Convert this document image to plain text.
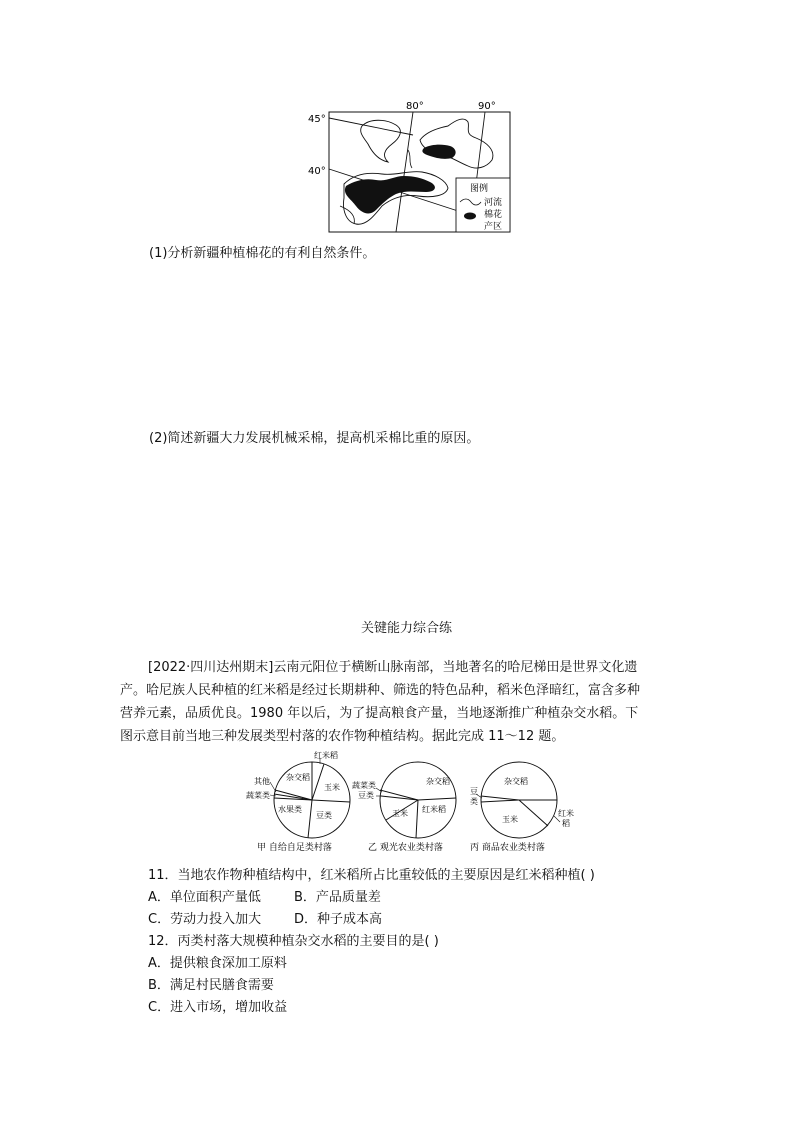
80°	90°
45°
40°
图例
河流
棉花
产区
(1)分析新疆种植棉花的有利自然条件。
(2)简述新疆大力发展机械采棉，提高机采棉比重的原因。
关键能力综合练
[2022·四川达州期末]云南元阳位于横断山脉南部，当地著名的哈尼梯田是世界文化遗
产。哈尼族人民种植的红米稻是经过长期耕种、筛选的特色品种，稻米色泽暗红，富含多种
营养元素，品质优良。1980 年以后，为了提高粮食产量，当地逐渐推广种植杂交水稻。下
图示意目前当地三种发展类型村落的农作物种植结构。据此完成 11～12 题。
红米稻
杂交稻
玉米
其他
蔬菜类
水果类
豆类
甲 自给自足类村落
蔬菜类
豆类
杂交稻
玉米 红米稻
乙 观光农业类村落
杂交稻
豆
类
玉米
红米
稻
丙 商品农业类村落
11．当地农作物种植结构中，红米稻所占比重较低的主要原因是红米稻种植( )
A．单位面积产量低	B．产品质量差
C．劳动力投入加大	D．种子成本高
12．丙类村落大规模种植杂交水稻的主要目的是( )
A．提供粮食深加工原料
B．满足村民膳食需要
C．进入市场，增加收益
